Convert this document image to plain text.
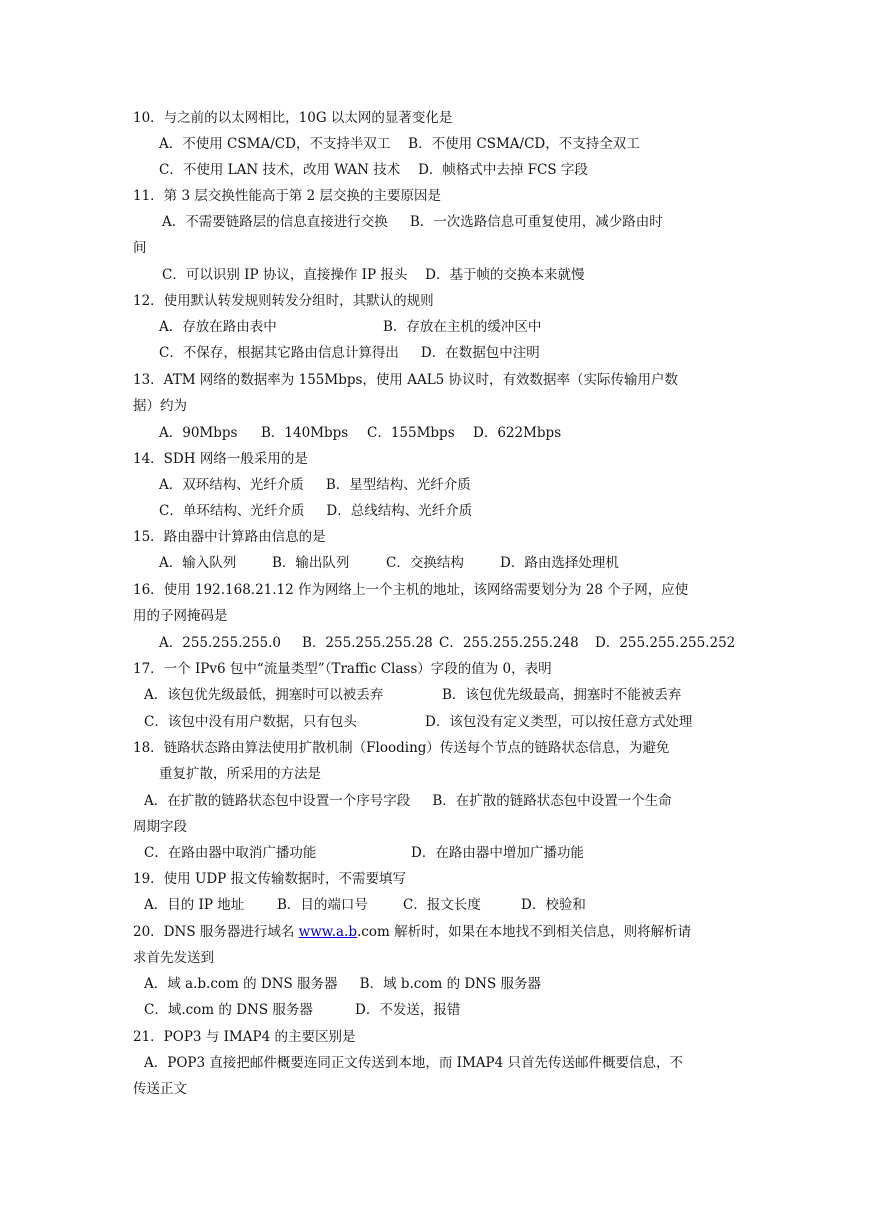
10．与之前的以太网相比，10G 以太网的显著变化是

A．不使用 CSMA/CD，不支持半双工 　B．不使用 CSMA/CD，不支持全双工

C．不使用 LAN 技术，改用 WAN 技术 　D．帧格式中去掉 FCS 字段

11．第 3 层交换性能高于第 2 层交换的主要原因是

A．不需要链路层的信息直接进行交换 　 B．一次选路信息可重复使用，减少路由时

间

C．可以识别 IP 协议，直接操作 IP 报头 　D．基于帧的交换本来就慢

12．使用默认转发规则转发分组时，其默认的规则

A．存放在路由表中	B．存放在主机的缓冲区中

C．不保存，根据其它路由信息计算得出 　 D．在数据包中注明

13．ATM 网络的数据率为 155Mbps，使用 AAL5 协议时，有效数据率（实际传输用户数

据）约为

A．90Mbps B．140Mbps C．155Mbps D．622Mbps

14．SDH 网络一般采用的是

A．双环结构、光纤介质 　 B．星型结构、光纤介质

C．单环结构、光纤介质 　 D．总线结构、光纤介质

15．路由器中计算路由信息的是

A．输入队列	B．输出队列	C．交换结构	D．路由选择处理机

16．使用 192.168.21.12 作为网络上一个主机的地址，该网络需要划分为 28 个子网，应使

用的子网掩码是

A．255.255.255.0 B．255.255.255.28 C．255.255.255.248 D．255.255.255.252

17．一个 IPv6 包中“流量类型”（Traffic Class）字段的值为 0，表明

A．该包优先级最低，拥塞时可以被丢弃	B．该包优先级最高，拥塞时不能被丢弃

C．该包中没有用户数据，只有包头	D．该包没有定义类型，可以按任意方式处理

18．链路状态路由算法使用扩散机制（Flooding）传送每个节点的链路状态信息，为避免

重复扩散，所采用的方法是

A．在扩散的链路状态包中设置一个序号字段 　 B．在扩散的链路状态包中设置一个生命

周期字段

C．在路由器中取消广播功能	D．在路由器中增加广播功能

19．使用 UDP 报文传输数据时，不需要填写

A．目的 IP 地址 B．目的端口号	C．报文长度	D．校验和

20．DNS 服务器进行域名 www.a.b.com 解析时，如果在本地找不到相关信息，则将解析请

求首先发送到

A．域 a.b.com 的 DNS 服务器 　 B．域 b.com 的 DNS 服务器

C．域.com 的 DNS 服务器	D．不发送，报错

21．POP3 与 IMAP4 的主要区别是

A．POP3 直接把邮件概要连同正文传送到本地，而 IMAP4 只首先传送邮件概要信息，不

传送正文
